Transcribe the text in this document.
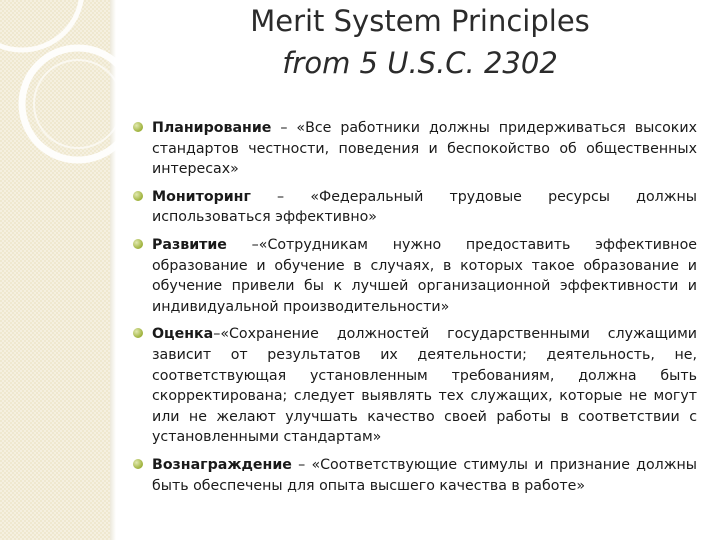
Merit System Principles
from 5 U.S.C. 2302
Планирование – «Все работники должны придерживаться высоких стандартов честности, поведения и беспокойство об общественных интересах»
Мониторинг – «Федеральный трудовые ресурсы должны использоваться эффективно»
Развитие –«Сотрудникам нужно предоставить эффективное образование и обучение в случаях, в которых такое образование и обучение привели бы к лучшей организационной эффективности и индивидуальной производительности»
Оценка–«Сохранение должностей государственными служащими зависит от результатов их деятельности; деятельность, не, соответствующая установленным требованиям, должна быть скорректирована; следует выявлять тех служащих, которые не могут или не желают улучшать качество своей работы в соответствии с установленными стандартам»
Вознаграждение – «Соответствующие стимулы и признание должны быть обеспечены для опыта высшего качества в работе»
